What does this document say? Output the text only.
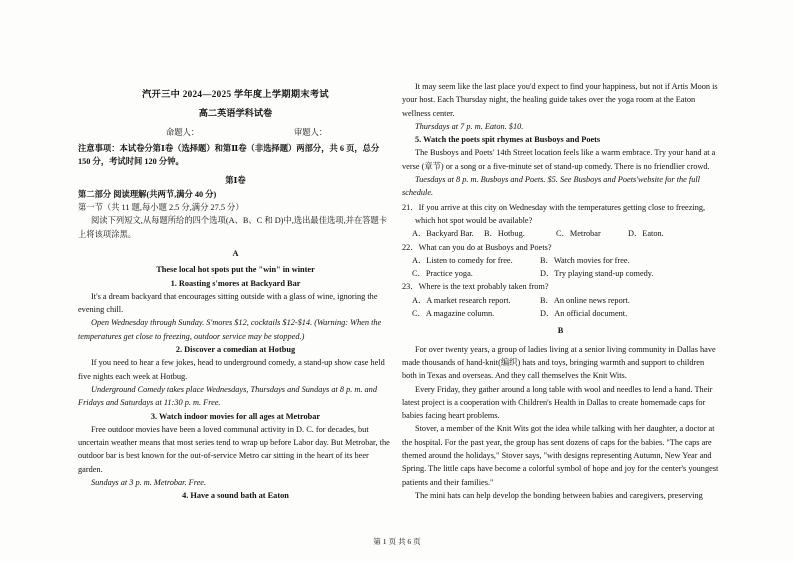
汽开三中 2024—2025 学年度上学期期末考试

高二英语学科试卷

命题人：	审题人：

注意事项：本试卷分第Ⅰ卷（选择题）和第Ⅱ卷（非选择题）两部分，共 6 页，总分 150 分，考试时间 120 分钟。

第Ⅰ卷

第二部分 阅读理解(共两节,满分 40 分)

第一节（共 11 题,每小题 2.5 分,满分 27.5 分）

阅读下列短文,从每题所给的四个选项(A、B、C 和 D)中,选出最佳选项,并在答题卡上将该项涂黑。

A

These local hot spots put the "win" in winter

1. Roasting s'mores at Backyard Bar

It's a dream backyard that encourages sitting outside with a glass of wine, ignoring the evening chill.

Open Wednesday through Sunday. S'mores $12, cocktails $12-$14. (Warning: When the temperatures get close to freezing, outdoor service may be stopped.)

2. Discover a comedian at Hotbug

If you need to hear a few jokes, head to underground comedy, a stand-up show case held five nights each week at Hotbug.

Underground Comedy takes place Wednesdays, Thursdays and Sundays at 8 p. m. and Fridays and Saturdays at 11:30 p. m. Free.

3. Watch indoor movies for all ages at Metrobar

Free outdoor movies have been a loved communal activity in D. C. for decades, but uncertain weather means that most series tend to wrap up before Labor day. But Metrobar, the outdoor bar is best known for the out-of-service Metro car sitting in the heart of its beer garden.

Sundays at 3 p. m. Metrobar. Free.

4. Have a sound bath at Eaton

It may seem like the last place you'd expect to find your happiness, but not if Artis Moon is your host. Each Thursday night, the healing guide takes over the yoga room at the Eaton wellness center.

Thursdays at 7 p. m. Eaton. $10.

5. Watch the poets spit rhymes at Busboys and Poets

The Busboys and Poets' 14th Street location feels like a warm embrace. Try your hand at a verse (章节) or a song or a five-minute set of stand-up comedy. There is no friendlier crowd.

Tuesdays at 8 p. m. Busboys and Poets. $5. See Busboys and Poets'website for the full schedule.

21．If you arrive at this city on Wednesday with the temperatures getting close to freezing, which hot spot would be available?

A．Backyard Bar.	B．Hotbug.	C．Metrobar	D．Eaton.

22．What can you do at Busboys and Poets?

A．Listen to comedy for free.	B．Watch movies for free.

C．Practice yoga.	D．Try playing stand-up comedy.

23．Where is the text probably taken from?

A．A market research report.	B．An online news report.

C．A magazine column.	D．An official document.

B

For over twenty years, a group of ladies living at a senior living community in Dallas have made thousands of hand-knit(编织) hats and toys, bringing warmth and support to children both in Texas and overseas. And they call themselves the Knit Wits.

Every Friday, they gather around a long table with wool and needles to lend a hand. Their latest project is a cooperation with Children's Health in Dallas to create homemade caps for babies facing heart problems.

Stover, a member of the Knit Wits got the idea while talking with her daughter, a doctor at the hospital. For the past year, the group has sent dozens of caps for the babies. "The caps are themed around the holidays," Stover says, "with designs representing Autumn, New Year and Spring. The little caps have become a colorful symbol of hope and joy for the center's youngest patients and their families."

The mini hats can help develop the bonding between babies and caregivers, preserving

第 1 页 共 6 页
